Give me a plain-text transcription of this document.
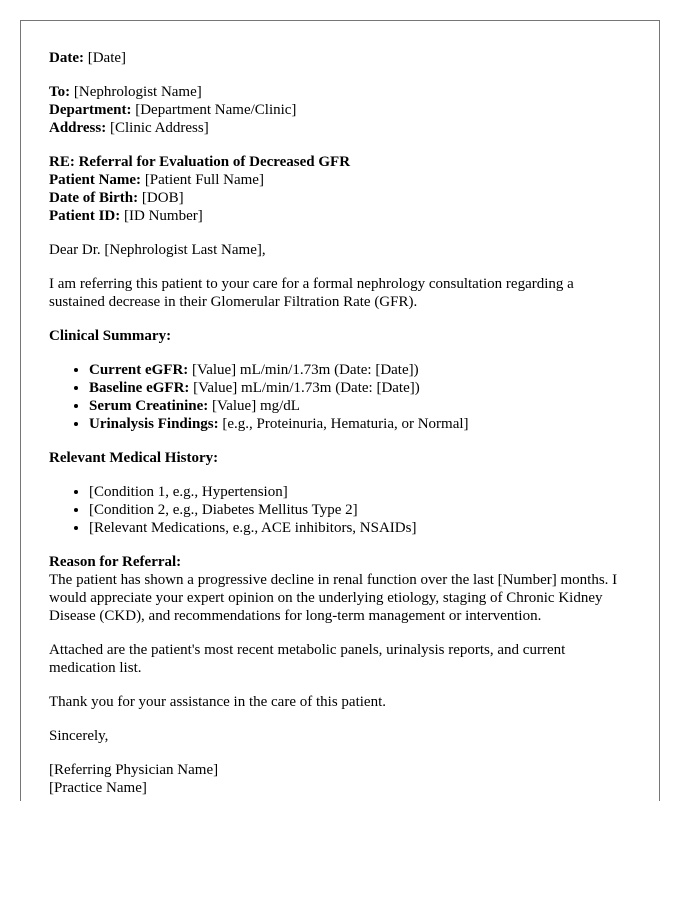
Date: [Date]
To: [Nephrologist Name]
Department: [Department Name/Clinic]
Address: [Clinic Address]
RE: Referral for Evaluation of Decreased GFR
Patient Name: [Patient Full Name]
Date of Birth: [DOB]
Patient ID: [ID Number]

Dear Dr. [Nephrologist Last Name],

I am referring this patient to your care for a formal nephrology consultation regarding a sustained decrease in their Glomerular Filtration Rate (GFR).

Clinical Summary:
• Current eGFR: [Value] mL/min/1.73m (Date: [Date])
• Baseline eGFR: [Value] mL/min/1.73m (Date: [Date])
• Serum Creatinine: [Value] mg/dL
• Urinalysis Findings: [e.g., Proteinuria, Hematuria, or Normal]
Relevant Medical History:
• [Condition 1, e.g., Hypertension]
• [Condition 2, e.g., Diabetes Mellitus Type 2]
• [Relevant Medications, e.g., ACE inhibitors, NSAIDs]
Reason for Referral:

The patient has shown a progressive decline in renal function over the last [Number] months. I would appreciate your expert opinion on the underlying etiology, staging of Chronic Kidney Disease (CKD), and recommendations for long-term management or intervention.

Attached are the patient's most recent metabolic panels, urinalysis reports, and current medication list.

Thank you for your assistance in the care of this patient.

Sincerely,

[Referring Physician Name]
[Practice Name]
